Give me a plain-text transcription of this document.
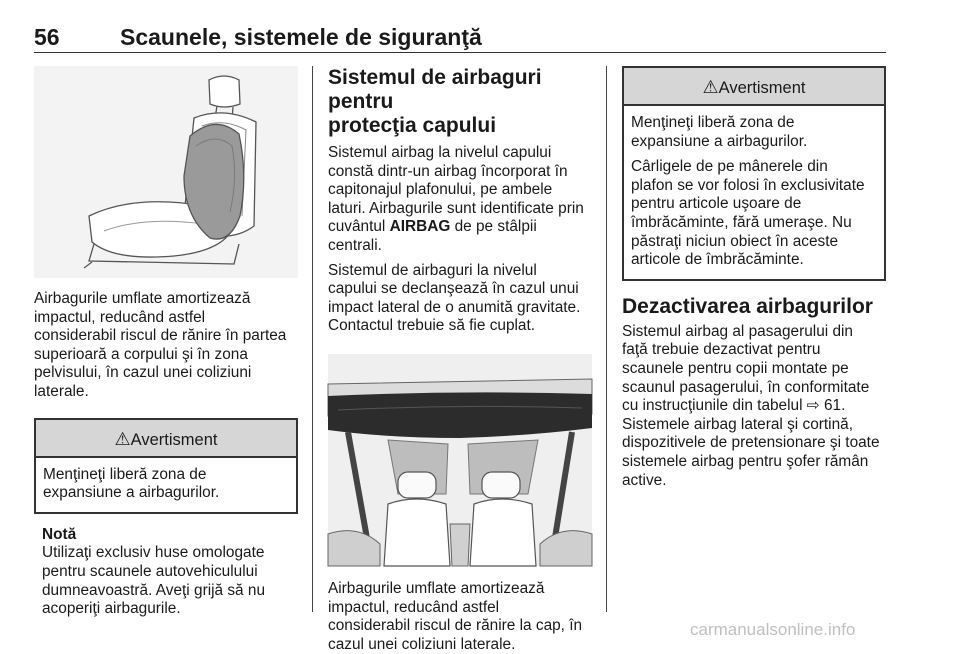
56	Scaunele, sistemele de siguranţă
Airbagurile umflate amortizează
impactul, reducând astfel
considerabil riscul de rănire în partea
superioară a corpului şi în zona
pelvisului, în cazul unei coliziuni
laterale.
⚠Avertisment
Menţineţi liberă zona de
expansiune a airbagurilor.
Notă
Utilizaţi exclusiv huse omologate
pentru scaunele autovehiculului
dumneavoastră. Aveţi grijă să nu
acoperiţi airbagurile.
Sistemul de airbaguri pentru
protecţia capului
Sistemul airbag la nivelul capului
constă dintr-un airbag încorporat în
capitonajul plafonului, pe ambele
laturi. Airbagurile sunt identificate prin
cuvântul AIRBAG de pe stâlpii
centrali.
Sistemul de airbaguri la nivelul
capului se declanşează în cazul unui
impact lateral de o anumită gravitate.
Contactul trebuie să fie cuplat.
Airbagurile umflate amortizează
impactul, reducând astfel
considerabil riscul de rănire la cap, în
cazul unei coliziuni laterale.
⚠Avertisment
Menţineţi liberă zona de
expansiune a airbagurilor.
Cârligele de pe mânerele din
plafon se vor folosi în exclusivitate
pentru articole uşoare de
îmbrăcăminte, fără umeraşe. Nu
păstraţi niciun obiect în aceste
articole de îmbrăcăminte.
Dezactivarea airbagurilor
Sistemul airbag al pasagerului din
faţă trebuie dezactivat pentru
scaunele pentru copii montate pe
scaunul pasagerului, în conformitate
cu instrucţiunile din tabelul ⇨ 61.
Sistemele airbag lateral şi cortină,
dispozitivele de pretensionare şi toate
sistemele airbag pentru şofer rămân
active.
carmanualsonline.info
